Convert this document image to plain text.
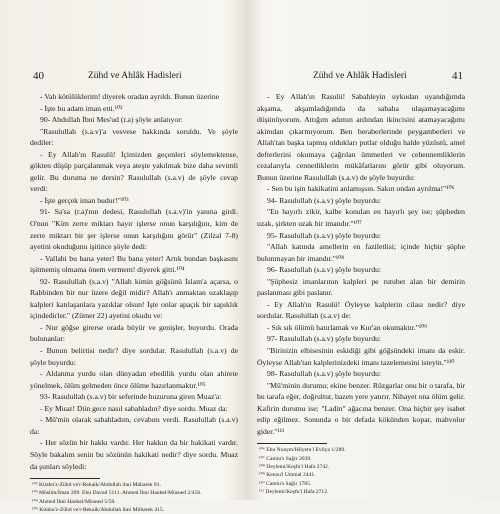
40	Zühd ve Ahlâk Hadisleri

- Vah kötülüklerim! diyerek oradan ayrıldı. Bunun üzerine

- İşte bu adam iman etti.¹⁰²

90- Abdullah İbni Mes'ud (r.a) şöyle anlatıyor:

"Rasulullah (s.a.v)'a vesvese hakkında soruldu. Ve şöyle dediler:

- Ey Allah'ın Rasulü! İçimizden geçenleri söylemektense, gökten düşüp parçalanmak veya ateşte yakılmak bize daha sevimli gelir. Bu duruma ne dersin? Rasulullah (s.a.v) de şöyle cevap verdi:

- İşte gerçek iman budur!"¹⁰³

91- Sa'sa (r.a)'nın dedesi, Rasulullah (s.a.v)'in yanına girdi. O'nun "Kim zerre miktarı hayır işlerse onun karşılığını, kim de zerre miktarı bir şer işlerse onun karşılığını görür" (Zilzal 7-8) ayetini okuduğunu işitince şöyle dedi:

- Vallahi bu bana yeter! Bu bana yeter! Artık bundan başkasını işitmemiş olmama önem vermem! diyerek gitti.¹⁰⁴

92- Rasulullah (s.a.v) "Allah kimin göğsünü İslam'a açarsa, o Rabbinden bir nur üzere değil midir? Allah'ı anmaktan uzaklaşıp kalpleri katılaşanlara yazıklar olsun! İşte onlar apaçık bir sapıklık içindedirler." (Zümer 22) ayetini okudu ve:

- Nur göğse girerse orada büyür ve genişler, buyurdu. Orada bulunanlar:

- Bunun belirtisi nedir? diye sordular. Rasulullah (s.a.v) de şöyle buyurdu:

- Aldanma yurdu olan dünyadan ebedilik yurdu olan ahirete yönelmek, ölüm gelmeden önce ölüme hazırlanmaktır.¹⁰⁵

93- Rasulullah (s.a.v) bir seferinde huzuruna giren Muaz'a:

- Ey Muaz! Dün gece nasıl sabahladın? diye sordu. Muaz da:

- Mü'min olarak sabahladım, cevabını verdi. Rasulullah (s.a.v) da:

- Her sözün bir hakkı vardır. Her hakkın da bir hakikati vardır. Söyle bakalım senin bu sözünün hakikati nedir? diye sordu. Muaz da şunları söyledi:

¹⁰² Kitabu'z-Zühd ve'r-Rekaik/Abdullah ibni Mübarek 81.
¹⁰³ Müslim/İman 209. Ebu Davud 5111. Ahmed İbni Hanbel/Müsned 2/456.
¹⁰⁴ Ahmed İbni Hanbel/Müsned 5/59.
¹⁰⁵ Kitabu'z-Zühd ve'r-Rekaik/Abdullah ibni Mübarek 415.
Zühd ve Ahlâk Hadisleri	41

- Ey Allah'ın Rasulü! Sabahleyin uykudan uyandığımda akşama, akşamladığımda da sabaha ulaşamayacağımı düşünüyorum. Attığım adımın ardından ikincisini atamayacağımı akimdan çıkarmıyorum. Ben beraberlerinde peygamberleri ve Allah'tan başka tapmış oldukları putlar olduğu halde yüzüstü, amel defterlerini okumaya çağrılan ümmetleri ve cehennemliklerin cezalarıyla cennetliklerin mükâfatlarını görür gibi oluyorum. Bunun üzerine Rasulullah (s.a.v) de şöyle buyurdu:

- Sen bu işin hakikatini anlamışsın. Sakın ondan ayrılma!"¹⁰⁶

94- Rasulullah (s.a.v) şöyle buyurdu:

"En hayırlı zikir, kalbe konulan en hayırlı şey ise; şüpheden uzak, şirkten uzak bir imandır."¹⁰⁷

95- Rasulullah (s.a.v) şöyle buyurdu:

"Allah katında amellerin en faziletlisi; içinde hiçbir şüphe bulunmayan bir imandır."¹⁰⁸

96- Rasulullah (s.a.v) şöyle buyurdu:

"Şüphesiz imanlarının kalpleri pe rutubet alan bir demirin paslanması gibi paslanır.

- Ey Allah'ın Rasulü! Öyleyse kalplerin cilası nedir? diye sordular. Rasulullah (s.a.v) de:

- Sık sık ölümü hatırlamak ve Kur'an okumaktır."¹⁰⁹

97- Rasulullah (s.a.v) şöyle buyurdu:

"Birinizin elbisesinin eskidiği gibi göğsündeki imanı da eskir. Öyleyse Allah'tan kalplerinizdeki imanı tazelemesini isteyin."¹¹⁰

98- Rasulullah (s.a.v) şöyle buyurdu:

"Mü'minin durumu; ekine benzer. Rüzgarlar onu bir o tarafa, bir bu tarafa eğer, doğrultur, bazen yere yatırır. Nihayet ona ölüm gelir. Kafirin durumu ise; "Ladin" ağacına benzer. Ona hiçbir şey isabet edip eğilmez. Sonunda o bir defada kökünden kopar, mahvolur gider."¹¹¹

¹⁰⁶ Ebu Nuaym/Hilyetu'l Evliya 1/289.
¹⁰⁷ Camiu's Sağir 2039.
¹⁰⁸ Deylemi/Keşfu'l Hafa 2742.
¹⁰⁹ Kenzu'l Ummal 2441.
¹¹⁰ Camiu's Sağir 1785.
¹¹¹ Deylemi/Keşfu'l Hafa 2712.
